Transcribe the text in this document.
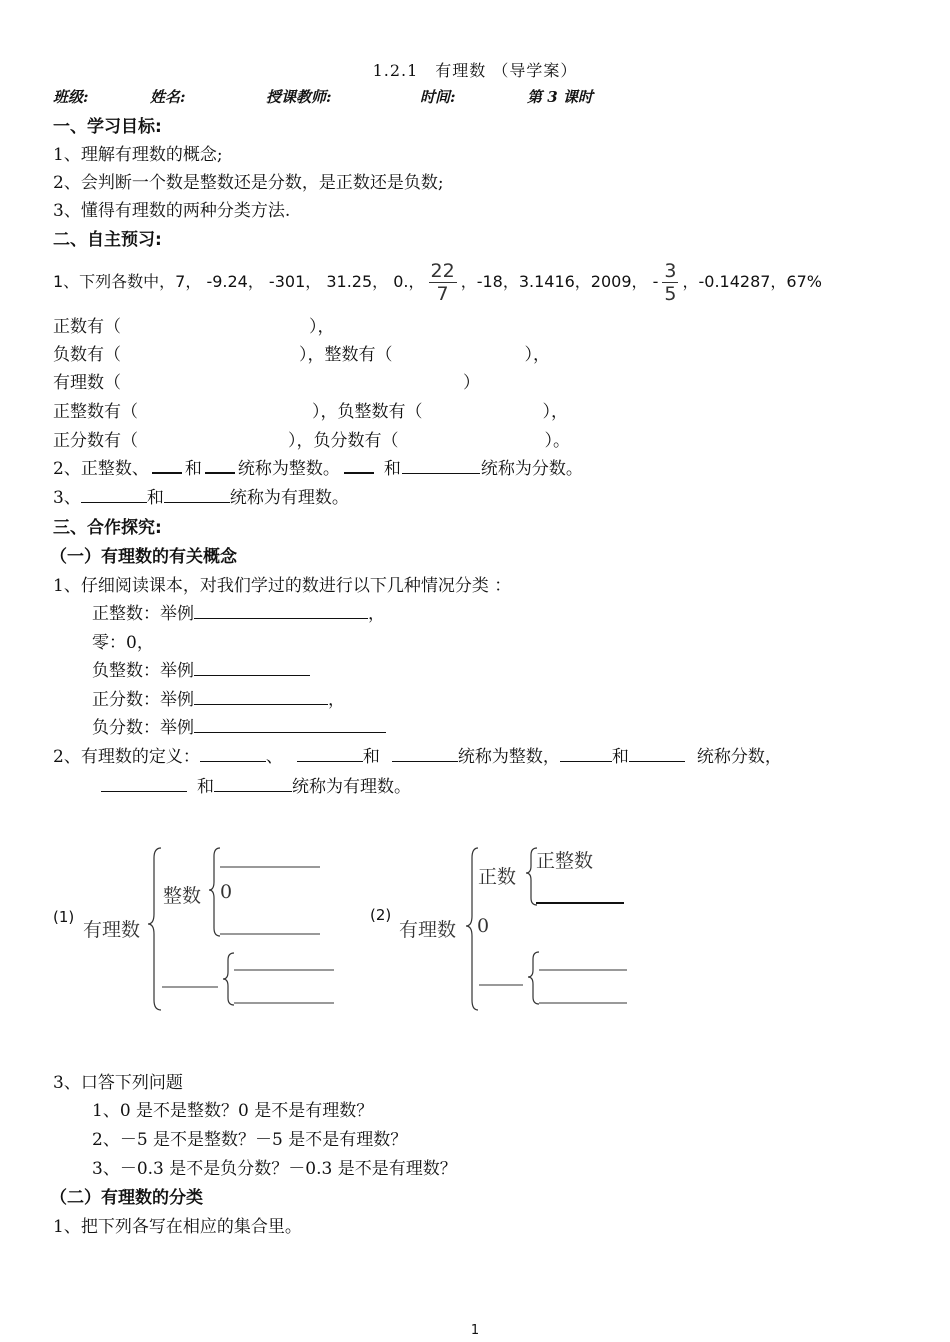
1.2.1　有理数 （导学案）
班级:	姓名:	授课教师:	时间:	第 3 课时
一、学习目标:
1、理解有理数的概念;
2、会判断一个数是整数还是分数，是正数还是负数;
3、懂得有理数的两种分类方法.
二、自主预习:
1、下列各数中，7， -9.24， -301， 31.25， 0.， $\frac{22}{7}$ ，-18，3.1416，2009， - $\frac{3}{5}$ ，-0.14287，67%
正数有（	），
负数有（	），整数有（	），
有理数（	）
正整数有（	），负整数有（	），
正分数有（	），负分数有（	）。
2、正整数、 和 统称为整数。	和	统称为分数。
3、	和	统称为有理数。
三、合作探究:
（一）有理数的有关概念
1、仔细阅读课本，对我们学过的数进行以下几种情况分类 ：
正整数：举例	，
零：0，
负整数：举例
正分数：举例	，
负分数：举例
2、有理数的定义：	、	和	统称为整数，	和	统称分数，
和	统称为有理数。
(1)
有理数
整数 0
(2)
有理数
正数
正整数
0
3、口答下列问题
1、0 是不是整数？0 是不是有理数？
2、－5 是不是整数？－5 是不是有理数？
3、－0.3 是不是负分数？－0.3 是不是有理数？
（二）有理数的分类
1、把下列各写在相应的集合里。
1
